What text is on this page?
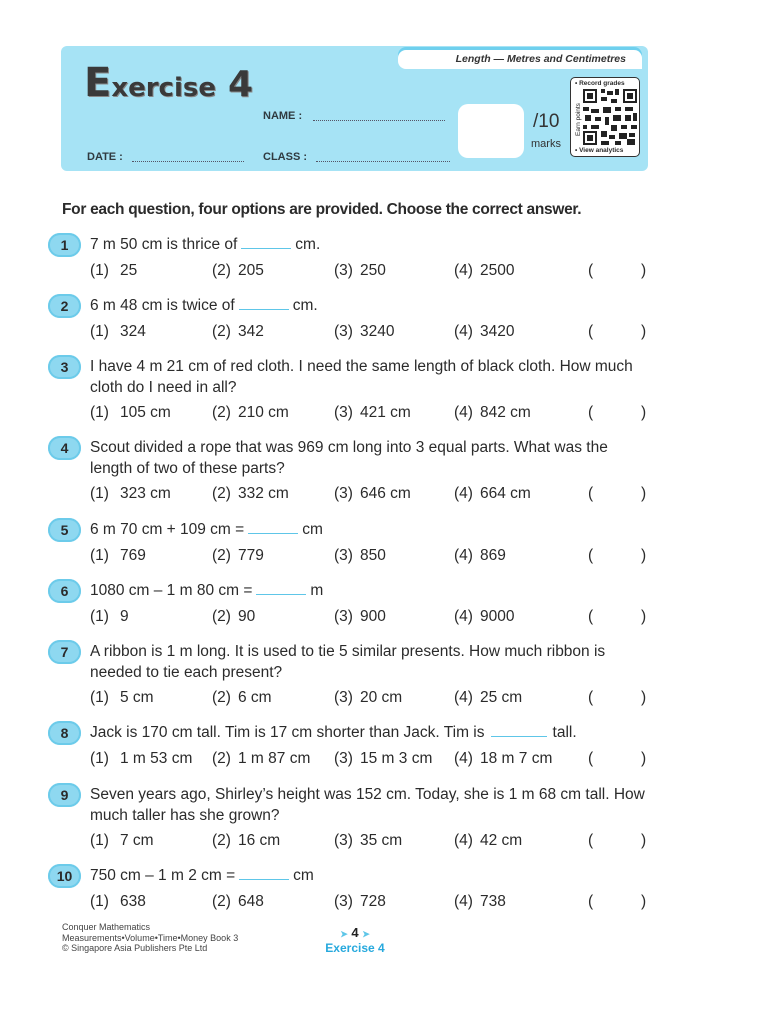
Length — Metres and Centimetres
Exercise 4
NAME :
DATE :	CLASS :
/10
marks
• Record grades
Earn points
• View analytics
For each question, four options are provided. Choose the correct answer.
1	7 m 50 cm is thrice of	cm.
(1) 25	(2) 205	(3) 250	(4) 2500	(	)
2	6 m 48 cm is twice of	cm.
(1) 324	(2) 342	(3) 3240	(4) 3420	(	)
3	I have 4 m 21 cm of red cloth. I need the same length of black cloth. How much cloth do I need in all?
(1) 105 cm	(2) 210 cm	(3) 421 cm	(4) 842 cm	(	)
4	Scout divided a rope that was 969 cm long into 3 equal parts. What was the length of two of these parts?
(1) 323 cm	(2) 332 cm	(3) 646 cm	(4) 664 cm	(	)
5	6 m 70 cm + 109 cm =	cm
(1) 769	(2) 779	(3) 850	(4) 869	(	)
6	1080 cm – 1 m 80 cm =	m
(1) 9	(2) 90	(3) 900	(4) 9000	(	)
7	A ribbon is 1 m long. It is used to tie 5 similar presents. How much ribbon is needed to tie each present?
(1) 5 cm	(2) 6 cm	(3) 20 cm	(4) 25 cm	(	)
8	Jack is 170 cm tall. Tim is 17 cm shorter than Jack. Tim is	tall.
(1) 1 m 53 cm (2) 1 m 87 cm (3) 15 m 3 cm (4) 18 m 7 cm (	)
9	Seven years ago, Shirley’s height was 152 cm. Today, she is 1 m 68 cm tall. How much taller has she grown?
(1) 7 cm	(2) 16 cm	(3) 35 cm	(4) 42 cm	(	)
10	750 cm – 1 m 2 cm =	cm
(1) 638	(2) 648	(3) 728	(4) 738	(	)
Conquer Mathematics
Measurements•Volume•Time•Money Book 3
© Singapore Asia Publishers Pte Ltd
➤ 4 ➤
Exercise 4
